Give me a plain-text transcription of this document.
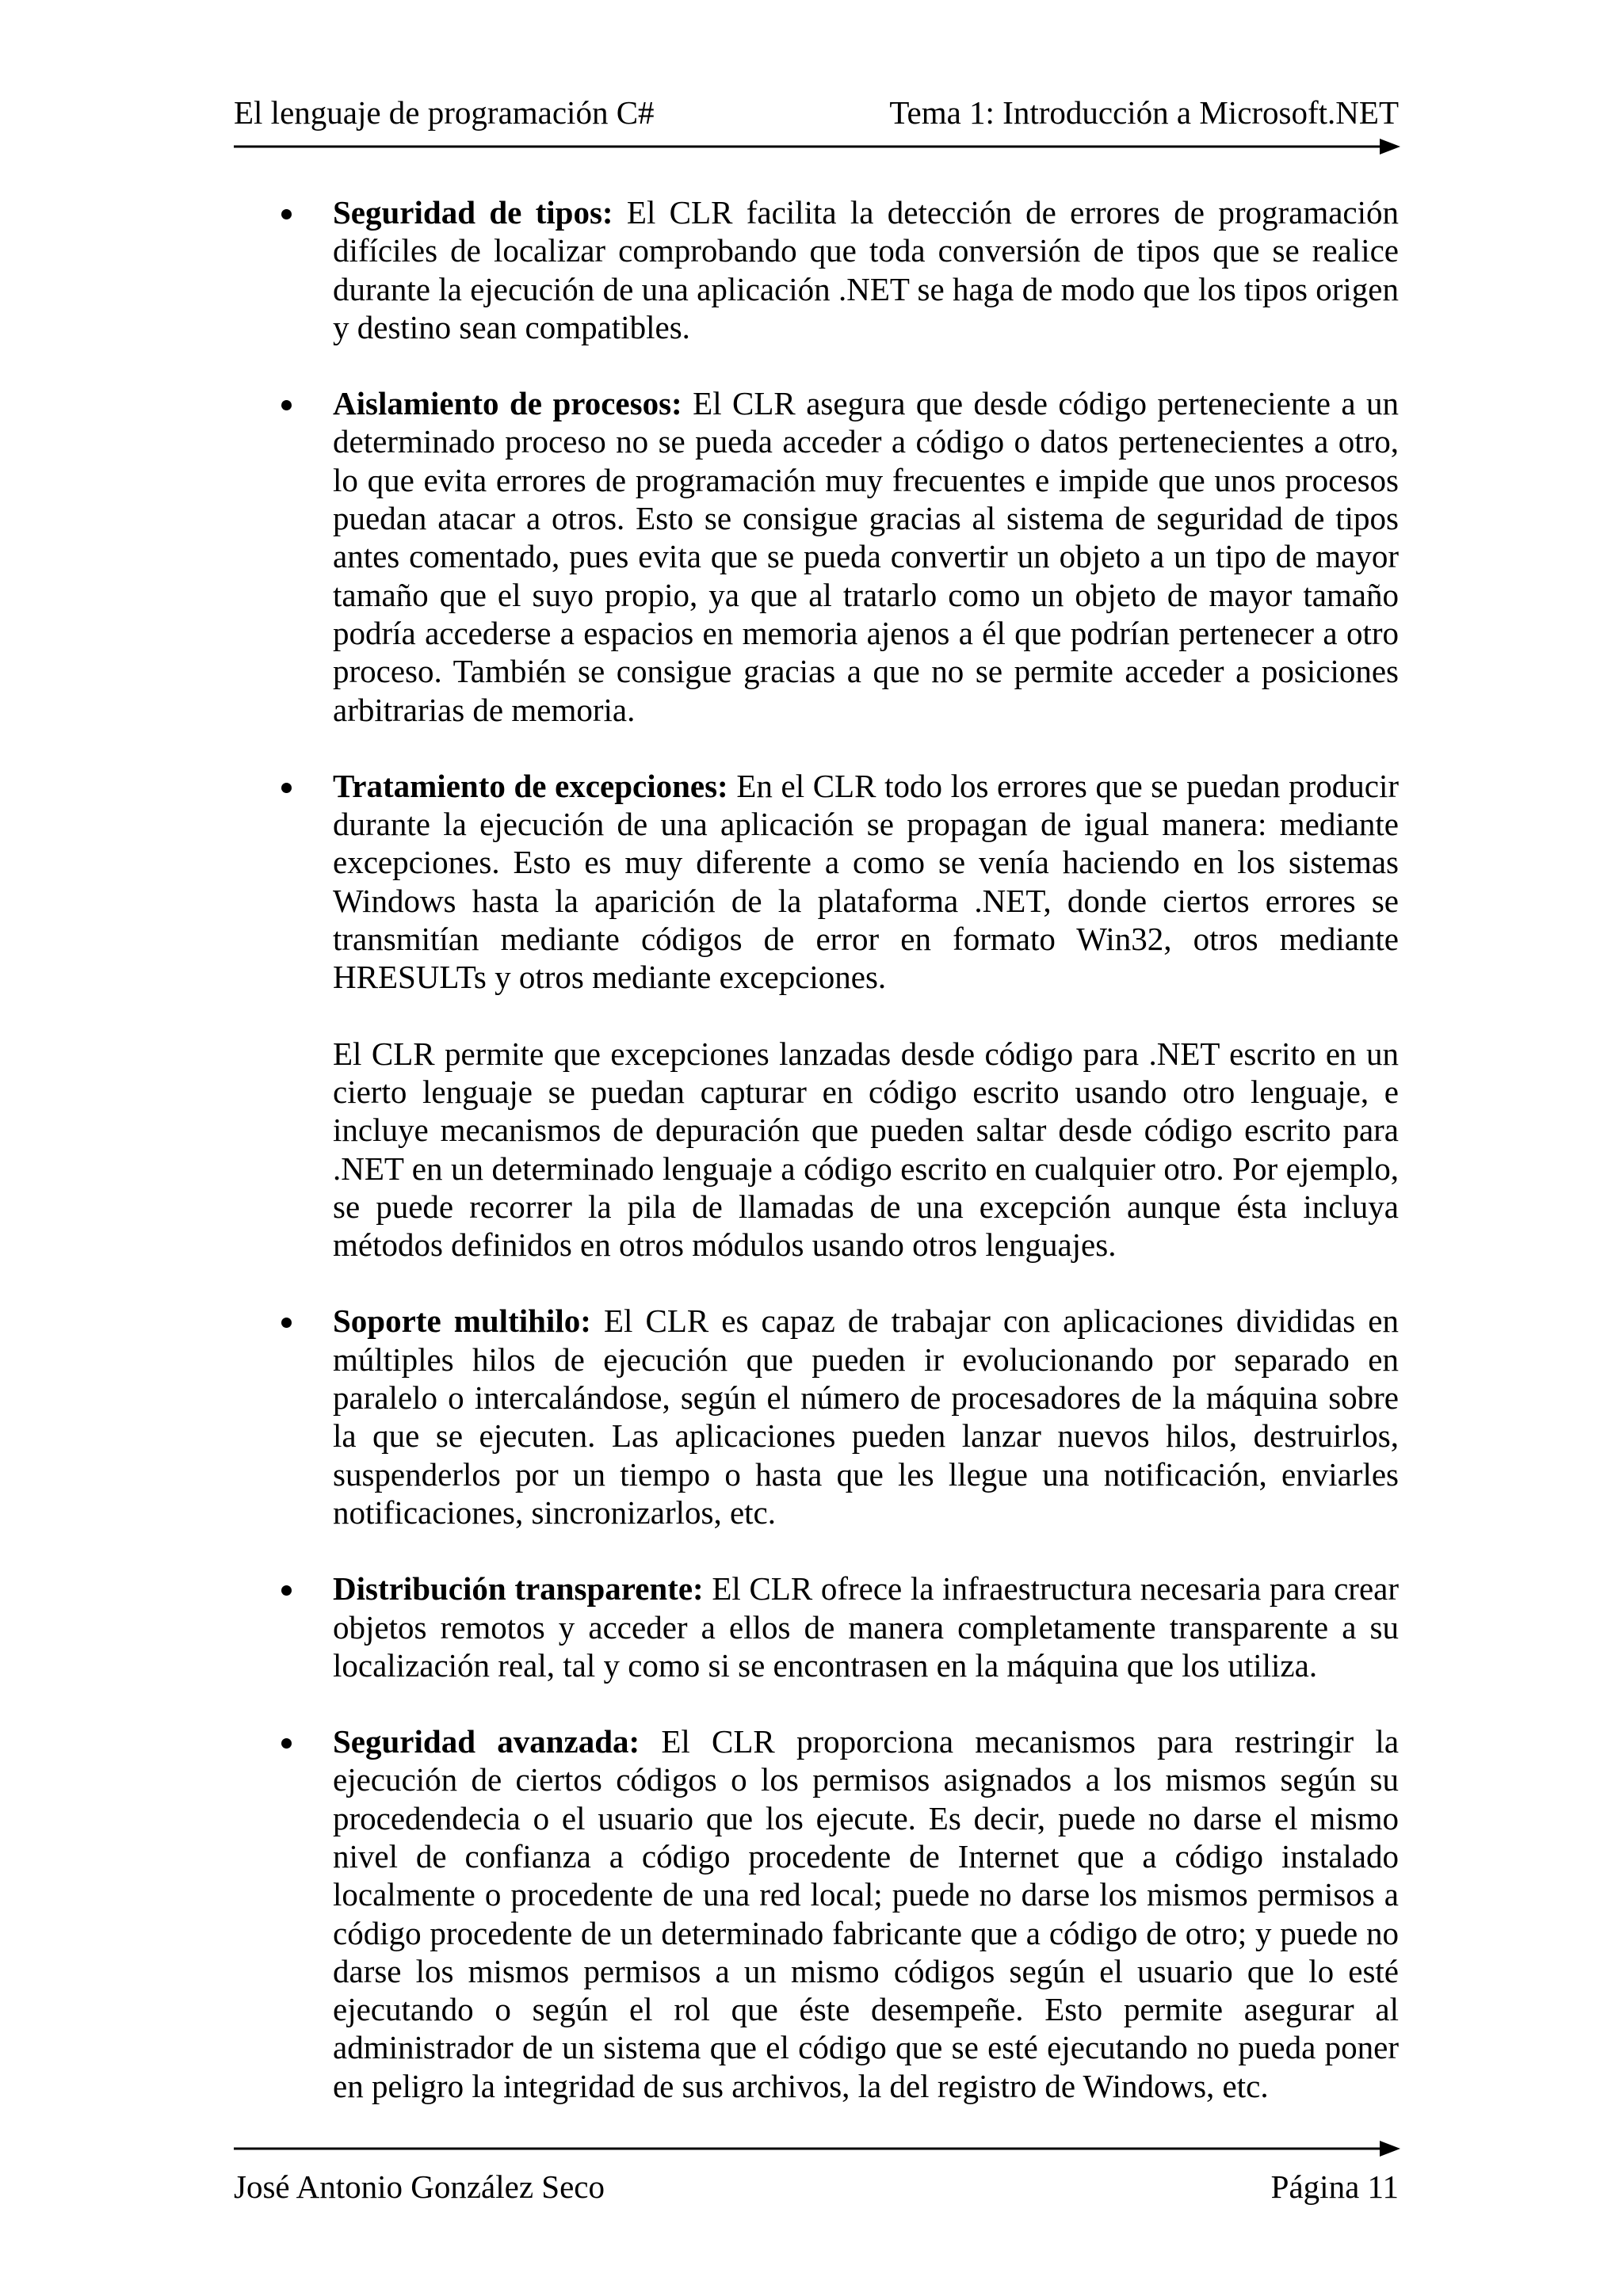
El lenguaje de programación C#	Tema 1: Introducción a Microsoft.NET

Seguridad de tipos: El CLR facilita la detección de errores de programación difíciles de localizar comprobando que toda conversión de tipos que se realice durante la ejecución de una aplicación .NET se haga de modo que los tipos origen y destino sean compatibles.

Aislamiento de procesos: El CLR asegura que desde código perteneciente a un determinado proceso no se pueda acceder a código o datos pertenecientes a otro, lo que evita errores de programación muy frecuentes e impide que unos procesos puedan atacar a otros. Esto se consigue gracias al sistema de seguridad de tipos antes comentado, pues evita que se pueda convertir un objeto a un tipo de mayor tamaño que el suyo propio, ya que al tratarlo como un objeto de mayor tamaño podría accederse a espacios en memoria ajenos a él que podrían pertenecer a otro proceso. También se consigue gracias a que no se permite acceder a posiciones arbitrarias de memoria.

Tratamiento de excepciones: En el CLR todo los errores que se puedan producir durante la ejecución de una aplicación se propagan de igual manera: mediante excepciones. Esto es muy diferente a como se venía haciendo en los sistemas Windows hasta la aparición de la plataforma .NET, donde ciertos errores se transmitían mediante códigos de error en formato Win32, otros mediante HRESULTs y otros mediante excepciones.

El CLR permite que excepciones lanzadas desde código para .NET escrito en un cierto lenguaje se puedan capturar en código escrito usando otro lenguaje, e incluye mecanismos de depuración que pueden saltar desde código escrito para .NET en un determinado lenguaje a código escrito en cualquier otro. Por ejemplo, se puede recorrer la pila de llamadas de una excepción aunque ésta incluya métodos definidos en otros módulos usando otros lenguajes.

Soporte multihilo: El CLR es capaz de trabajar con aplicaciones divididas en múltiples hilos de ejecución que pueden ir evolucionando por separado en paralelo o intercalándose, según el número de procesadores de la máquina sobre la que se ejecuten. Las aplicaciones pueden lanzar nuevos hilos, destruirlos, suspenderlos por un tiempo o hasta que les llegue una notificación, enviarles notificaciones, sincronizarlos, etc.

Distribución transparente: El CLR ofrece la infraestructura necesaria para crear objetos remotos y acceder a ellos de manera completamente transparente a su localización real, tal y como si se encontrasen en la máquina que los utiliza.

Seguridad avanzada: El CLR proporciona mecanismos para restringir la ejecución de ciertos códigos o los permisos asignados a los mismos según su procedendecia o el usuario que los ejecute. Es decir, puede no darse el mismo nivel de confianza a código procedente de Internet que a código instalado localmente o procedente de una red local; puede no darse los mismos permisos a código procedente de un determinado fabricante que a código de otro; y puede no darse los mismos permisos a un mismo códigos según el usuario que lo esté ejecutando o según el rol que éste desempeñe. Esto permite asegurar al administrador de un sistema que el código que se esté ejecutando no pueda poner en peligro la integridad de sus archivos, la del registro de Windows, etc.

José Antonio González Seco	Página 11
